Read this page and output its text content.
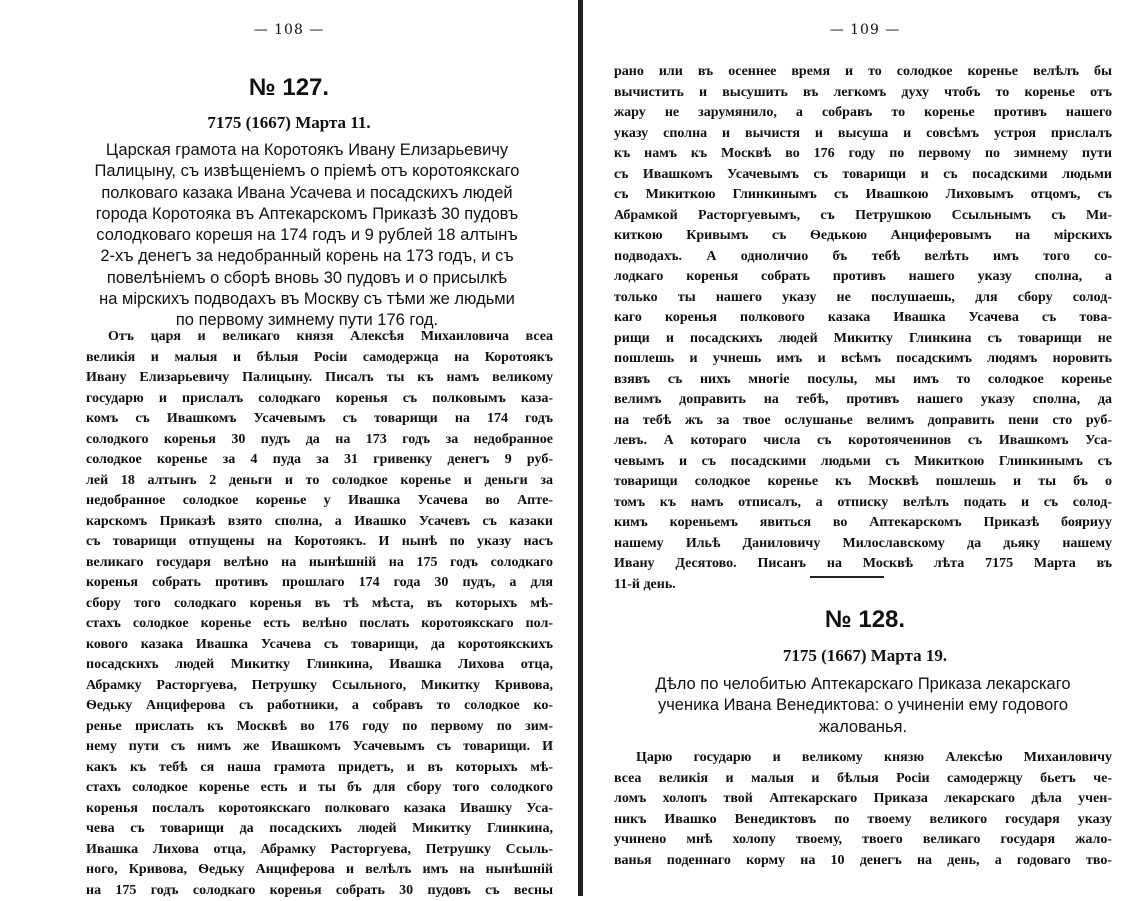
— 108 —
№ 127.
7175 (1667) Марта 11.
Царская грамота на Коротоякъ Ивану Елизарьевичу
Палицыну, съ извѣщеніемъ о пріемѣ отъ коротоякскаго
полковаго казака Ивана Усачева и посадскихъ людей
города Коротояка въ Аптекарскомъ Приказѣ 30 пудовъ
солодковаго корешя на 174 годъ и 9 рублей 18 алтынъ
2-хъ денегъ за недобранный корень на 173 годъ, и съ
повелѣніемъ о сборѣ вновь 30 пудовъ и о присылкѣ
на мірскихъ подводахъ въ Москву съ тѣми же людьми
по первому зимнему пути 176 год.
Отъ царя и великаго князя Алексѣя Михаиловича всеа
великія и малыя и бѣлыя Росіи самодержца на Коротоякъ
Ивану Елизарьевичу Палицыну. Писалъ ты къ намъ великому
государю и прислалъ солодкаго коренья съ полковымъ каза-
комъ съ Ивашкомъ Усачевымъ съ товарищи на 174 годъ
солодкого коренья 30 пудъ да на 173 годъ за недобранное
солодкое коренье за 4 пуда за 31 гривенку денегъ 9 руб-
лей 18 алтынъ 2 деньги и то солодкое коренье и деньги за
недобранное солодкое коренье у Ивашка Усачева во Апте-
карскомъ Приказѣ взято сполна, а Ивашко Усачевъ съ казаки
съ товарищи отпущены на Коротоякъ. И нынѣ по указу насъ
великаго государя велѣно на нынѣшній на 175 годъ солодкаго
коренья собрать противъ прошлаго 174 года 30 пудъ, а для
сбору того солодкаго коренья въ тѣ мѣста, въ которыхъ мѣ-
стахъ солодкое коренье есть велѣно послать коротоякскаго пол-
кового казака Ивашка Усачева съ товарищи, да коротоякскихъ
посадскихъ людей Микитку Глинкина, Ивашка Лихова отца,
Абрамку Расторгуева, Петрушку Ссыльного, Микитку Кривова,
Ѳедьку Анциферова съ работники, а собравъ то солодкое ко-
ренье прислать къ Москвѣ во 176 году по первому по зим-
нему пути съ нимъ же Ивашкомъ Усачевымъ съ товарищи. И
какъ къ тебѣ ся наша грамота придетъ, и въ которыхъ мѣ-
стахъ солодкое коренье есть и ты бъ для сбору того солодкого
коренья послалъ коротоякскаго полковаго казака Ивашку Уса-
чева съ товарищи да посадскихъ людей Микитку Глинкина,
Ивашка Лихова отца, Абрамку Расторгуева, Петрушку Ссыль-
ного, Кривова, Ѳедьку Анциферова и велѣлъ имъ на нынѣшній
на 175 годъ солодкаго коренья собрать 30 пудовъ съ весны
— 109 —
рано или въ осеннее время и то солодкое коренье велѣлъ бы
вычистить и высушить въ легкомъ духу чтобъ то коренье отъ
жару не зарумянило, а собравъ то коренье противъ нашего
указу сполна и вычистя и высуша и совсѣмъ устроя прислалъ
къ намъ къ Москвѣ во 176 году по первому по зимнему пути
съ Ивашкомъ Усачевымъ съ товарищи и съ посадскими людьми
съ Микиткою Глинкинымъ съ Ивашкою Лиховымъ отцомъ, съ
Абрамкой Расторгуевымъ, съ Петрушкою Ссыльнымъ съ Ми-
киткою Кривымъ съ Ѳедькою Анциферовымъ на мірскихъ
подводахъ. А одноличио бъ тебѣ велѣть имъ того со-
лодкаго коренья собрать противъ нашего указу сполна, а
только ты нашего указу не послушаешь, для сбору солод-
каго коренья полкового казака Ивашка Усачева съ това-
рищи и посадскихъ людей Микитку Глинкина съ товарищи не
пошлешь и учнешь имъ и всѣмъ посадскимъ людямъ норовить
взявъ съ нихъ многіе посулы, мы имъ то солодкое коренье
велимъ доправить на тебѣ, противъ нашего указу сполна, да
на тебѣ жъ за твое ослушанье велимъ доправить пени сто руб-
левъ. А котораго числа съ коротояченинов съ Ивашкомъ Уса-
чевымъ и съ посадскими людьми съ Микиткою Глинкинымъ съ
товарищи солодкое коренье къ Москвѣ пошлешь и ты бъ о
томъ къ намъ отписалъ, а отписку велѣлъ подать и съ солод-
кимъ кореньемъ явиться во Аптекарскомъ Приказѣ бояриyу
нашему Ильѣ Даниловичу Милославскому да дьяку нашему
Ивану Десятово. Писанъ на Москвѣ лѣта 7175 Марта въ
11-й день.
№ 128.
7175 (1667) Марта 19.
Дѣло по челобитью Аптекарскаго Приказа лекарскаго
ученика Ивана Венедиктова: о учиненіи ему годового
жалованья.
Царю государю и великому князю Алексѣю Михаиловичу
всеа великія и малыя и бѣлыя Росіи самодержцу бьетъ че-
ломъ холопъ твой Аптекарскаго Приказа лекарскаго дѣла учен-
никъ Ивашко Венедиктовъ по твоему великого государя указу
учинено мнѣ холопу твоему, твоего великаго государя жало-
ванья поденнаго корму на 10 денегъ на день, а годоваго тво-
